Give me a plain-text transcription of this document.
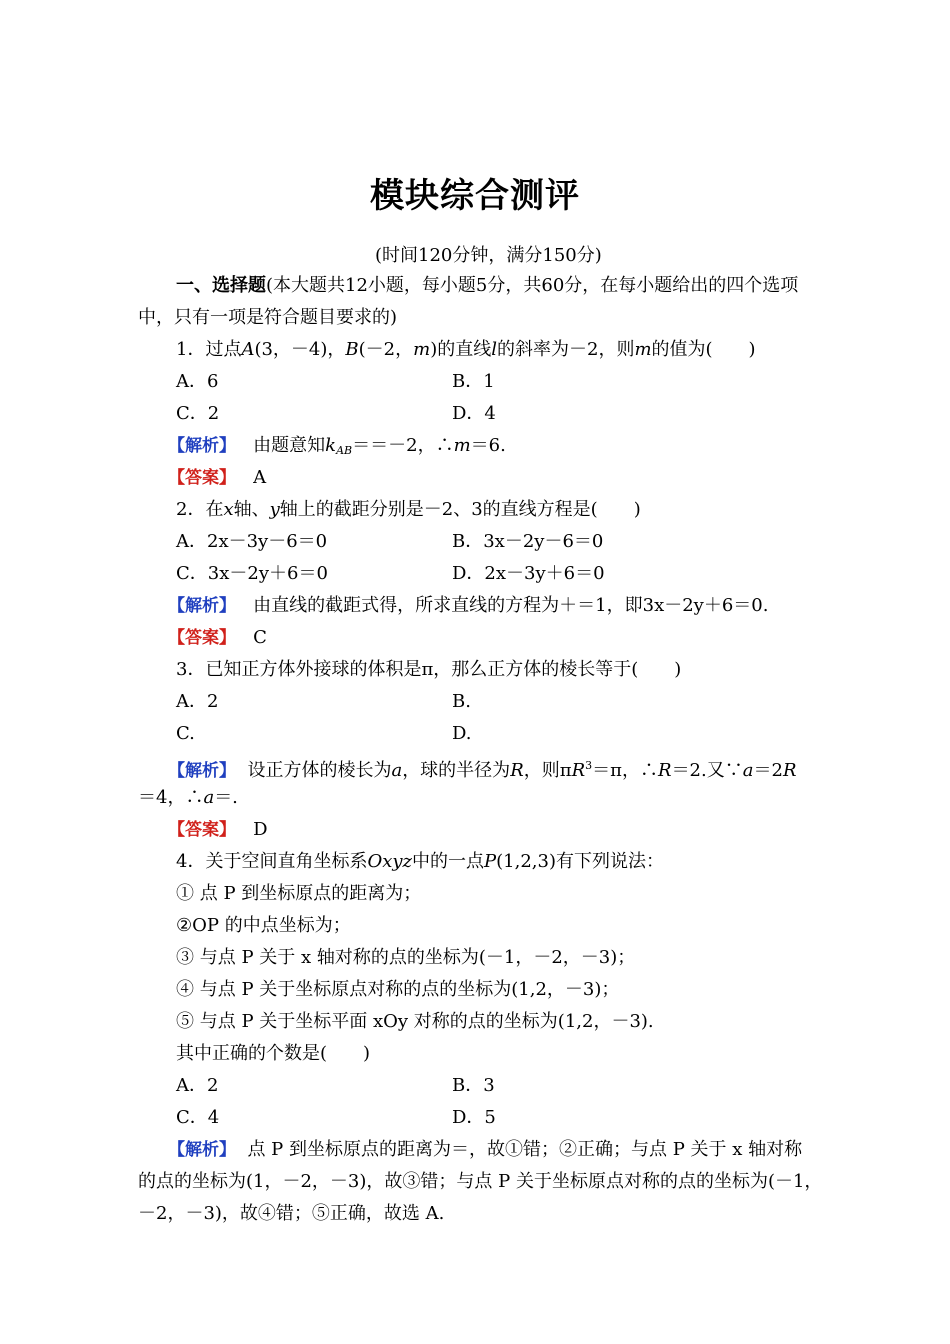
模块综合测评
(时间120分钟，满分150分)
一、选择题(本大题共12小题，每小题5分，共60分，在每小题给出的四个选项
中，只有一项是符合题目要求的)
1．过点A(3，－4)，B(－2，m)的直线l的斜率为－2，则m的值为(　　)
A．6	B．1
C．2	D．4
【解析】 由题意知$k_{AB}==-2$，∴m＝6.
【答案】 A
2．在x轴、y轴上的截距分别是－2、3的直线方程是(　　)
A．2x－3y－6＝0	B．3x－2y－6＝0
C．3x－2y＋6＝0	D．2x－3y＋6＝0
【解析】 由直线的截距式得，所求直线的方程为＋＝1，即3x－2y＋6＝0.
【答案】 C
3．已知正方体外接球的体积是π，那么正方体的棱长等于(　　)
A．2	B.
C.	D.
【解析】 设正方体的棱长为a，球的半径为R，则$\pi R^3=\pi$，∴R＝2.又∵a＝2R
＝4，∴a＝.
【答案】 D
4．关于空间直角坐标系Oxyz中的一点P(1,2,3)有下列说法：
① 点 P 到坐标原点的距离为；
②OP 的中点坐标为；
③ 与点 P 关于 x 轴对称的点的坐标为(－1，－2，－3)；
④ 与点 P 关于坐标原点对称的点的坐标为(1,2，－3)；
⑤ 与点 P 关于坐标平面 xOy 对称的点的坐标为(1,2，－3).
其中正确的个数是(　　)
A．2	B．3
C．4	D．5
【解析】 点 P 到坐标原点的距离为＝，故①错；②正确；与点 P 关于 x 轴对称
的点的坐标为(1，－2，－3)，故③错；与点 P 关于坐标原点对称的点的坐标为(－1，
－2，－3)，故④错；⑤正确，故选 A.
